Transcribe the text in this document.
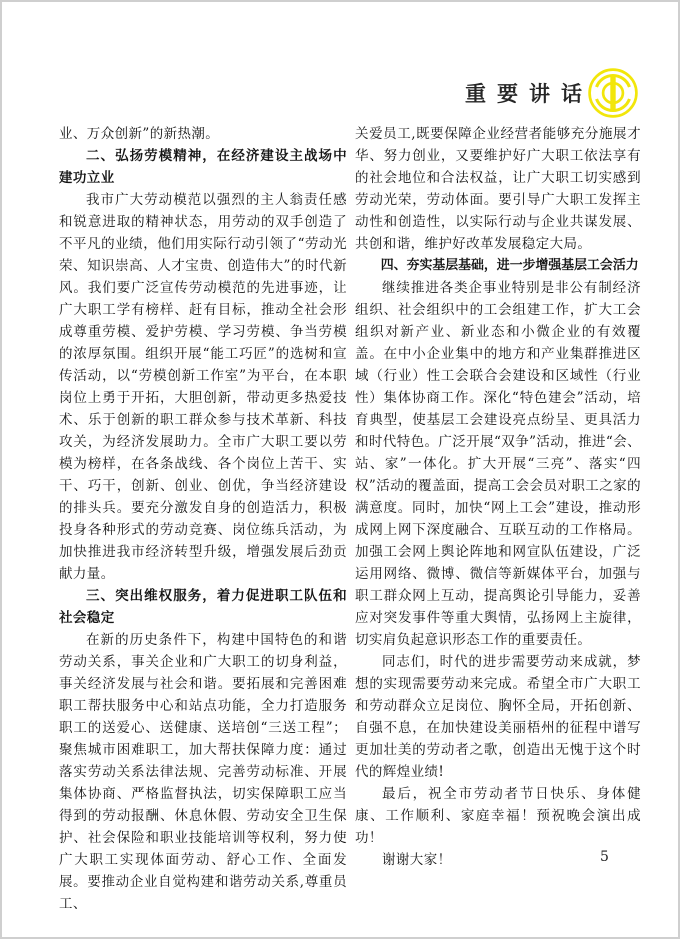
重要讲话

业、万众创新”的新热潮。

二、弘扬劳模精神，在经济建设主战场中建功立业

我市广大劳动模范以强烈的主人翁责任感和锐意进取的精神状态，用劳动的双手创造了不平凡的业绩，他们用实际行动引领了“劳动光荣、知识崇高、人才宝贵、创造伟大”的时代新风。我们要广泛宣传劳动模范的先进事迹，让广大职工学有榜样、赶有目标，推动全社会形成尊重劳模、爱护劳模、学习劳模、争当劳模的浓厚氛围。组织开展“能工巧匠”的选树和宣传活动，以“劳模创新工作室”为平台，在本职岗位上勇于开拓，大胆创新，带动更多热爱技术、乐于创新的职工群众参与技术革新、科技攻关，为经济发展助力。全市广大职工要以劳模为榜样，在各条战线、各个岗位上苦干、实干、巧干，创新、创业、创优，争当经济建设的排头兵。要充分激发自身的创造活力，积极投身各种形式的劳动竞赛、岗位练兵活动，为加快推进我市经济转型升级，增强发展后劲贡献力量。

三、突出维权服务，着力促进职工队伍和社会稳定

在新的历史条件下，构建中国特色的和谐劳动关系，事关企业和广大职工的切身利益，事关经济发展与社会和谐。要拓展和完善困难职工帮扶服务中心和站点功能，全力打造服务职工的送爱心、送健康、送培创“三送工程”；聚焦城市困难职工，加大帮扶保障力度：通过落实劳动关系法律法规、完善劳动标准、开展集体协商、严格监督执法，切实保障职工应当得到的劳动报酬、休息休假、劳动安全卫生保护、社会保险和职业技能培训等权利，努力使广大职工实现体面劳动、舒心工作、全面发展。要推动企业自觉构建和谐劳动关系,尊重员工、

关爱员工,既要保障企业经营者能够充分施展才华、努力创业，又要维护好广大职工依法享有的社会地位和合法权益，让广大职工切实感到劳动光荣，劳动体面。要引导广大职工发挥主动性和创造性，以实际行动与企业共谋发展、共创和谐，维护好改革发展稳定大局。

四、夯实基层基础，进一步增强基层工会活力

继续推进各类企事业特别是非公有制经济组织、社会组织中的工会组建工作，扩大工会组织对新产业、新业态和小微企业的有效覆盖。在中小企业集中的地方和产业集群推进区域（行业）性工会联合会建设和区域性（行业性）集体协商工作。深化“特色建会”活动，培育典型，使基层工会建设亮点纷呈、更具活力和时代特色。广泛开展“双争”活动，推进“会、站、家”一体化。扩大开展“三亮”、落实“四权”活动的覆盖面，提高工会会员对职工之家的满意度。同时，加快“网上工会”建设，推动形成网上网下深度融合、互联互动的工作格局。加强工会网上舆论阵地和网宣队伍建设，广泛运用网络、微博、微信等新媒体平台，加强与职工群众网上互动，提高舆论引导能力，妥善应对突发事件等重大舆情，弘扬网上主旋律，切实肩负起意识形态工作的重要责任。

同志们，时代的进步需要劳动来成就，梦想的实现需要劳动来完成。希望全市广大职工和劳动群众立足岗位、胸怀全局，开拓创新、自强不息，在加快建设美丽梧州的征程中谱写更加壮美的劳动者之歌，创造出无愧于这个时代的辉煌业绩!

最后，祝全市劳动者节日快乐、身体健康、工作顺利、家庭幸福！预祝晚会演出成功！

谢谢大家！	5
